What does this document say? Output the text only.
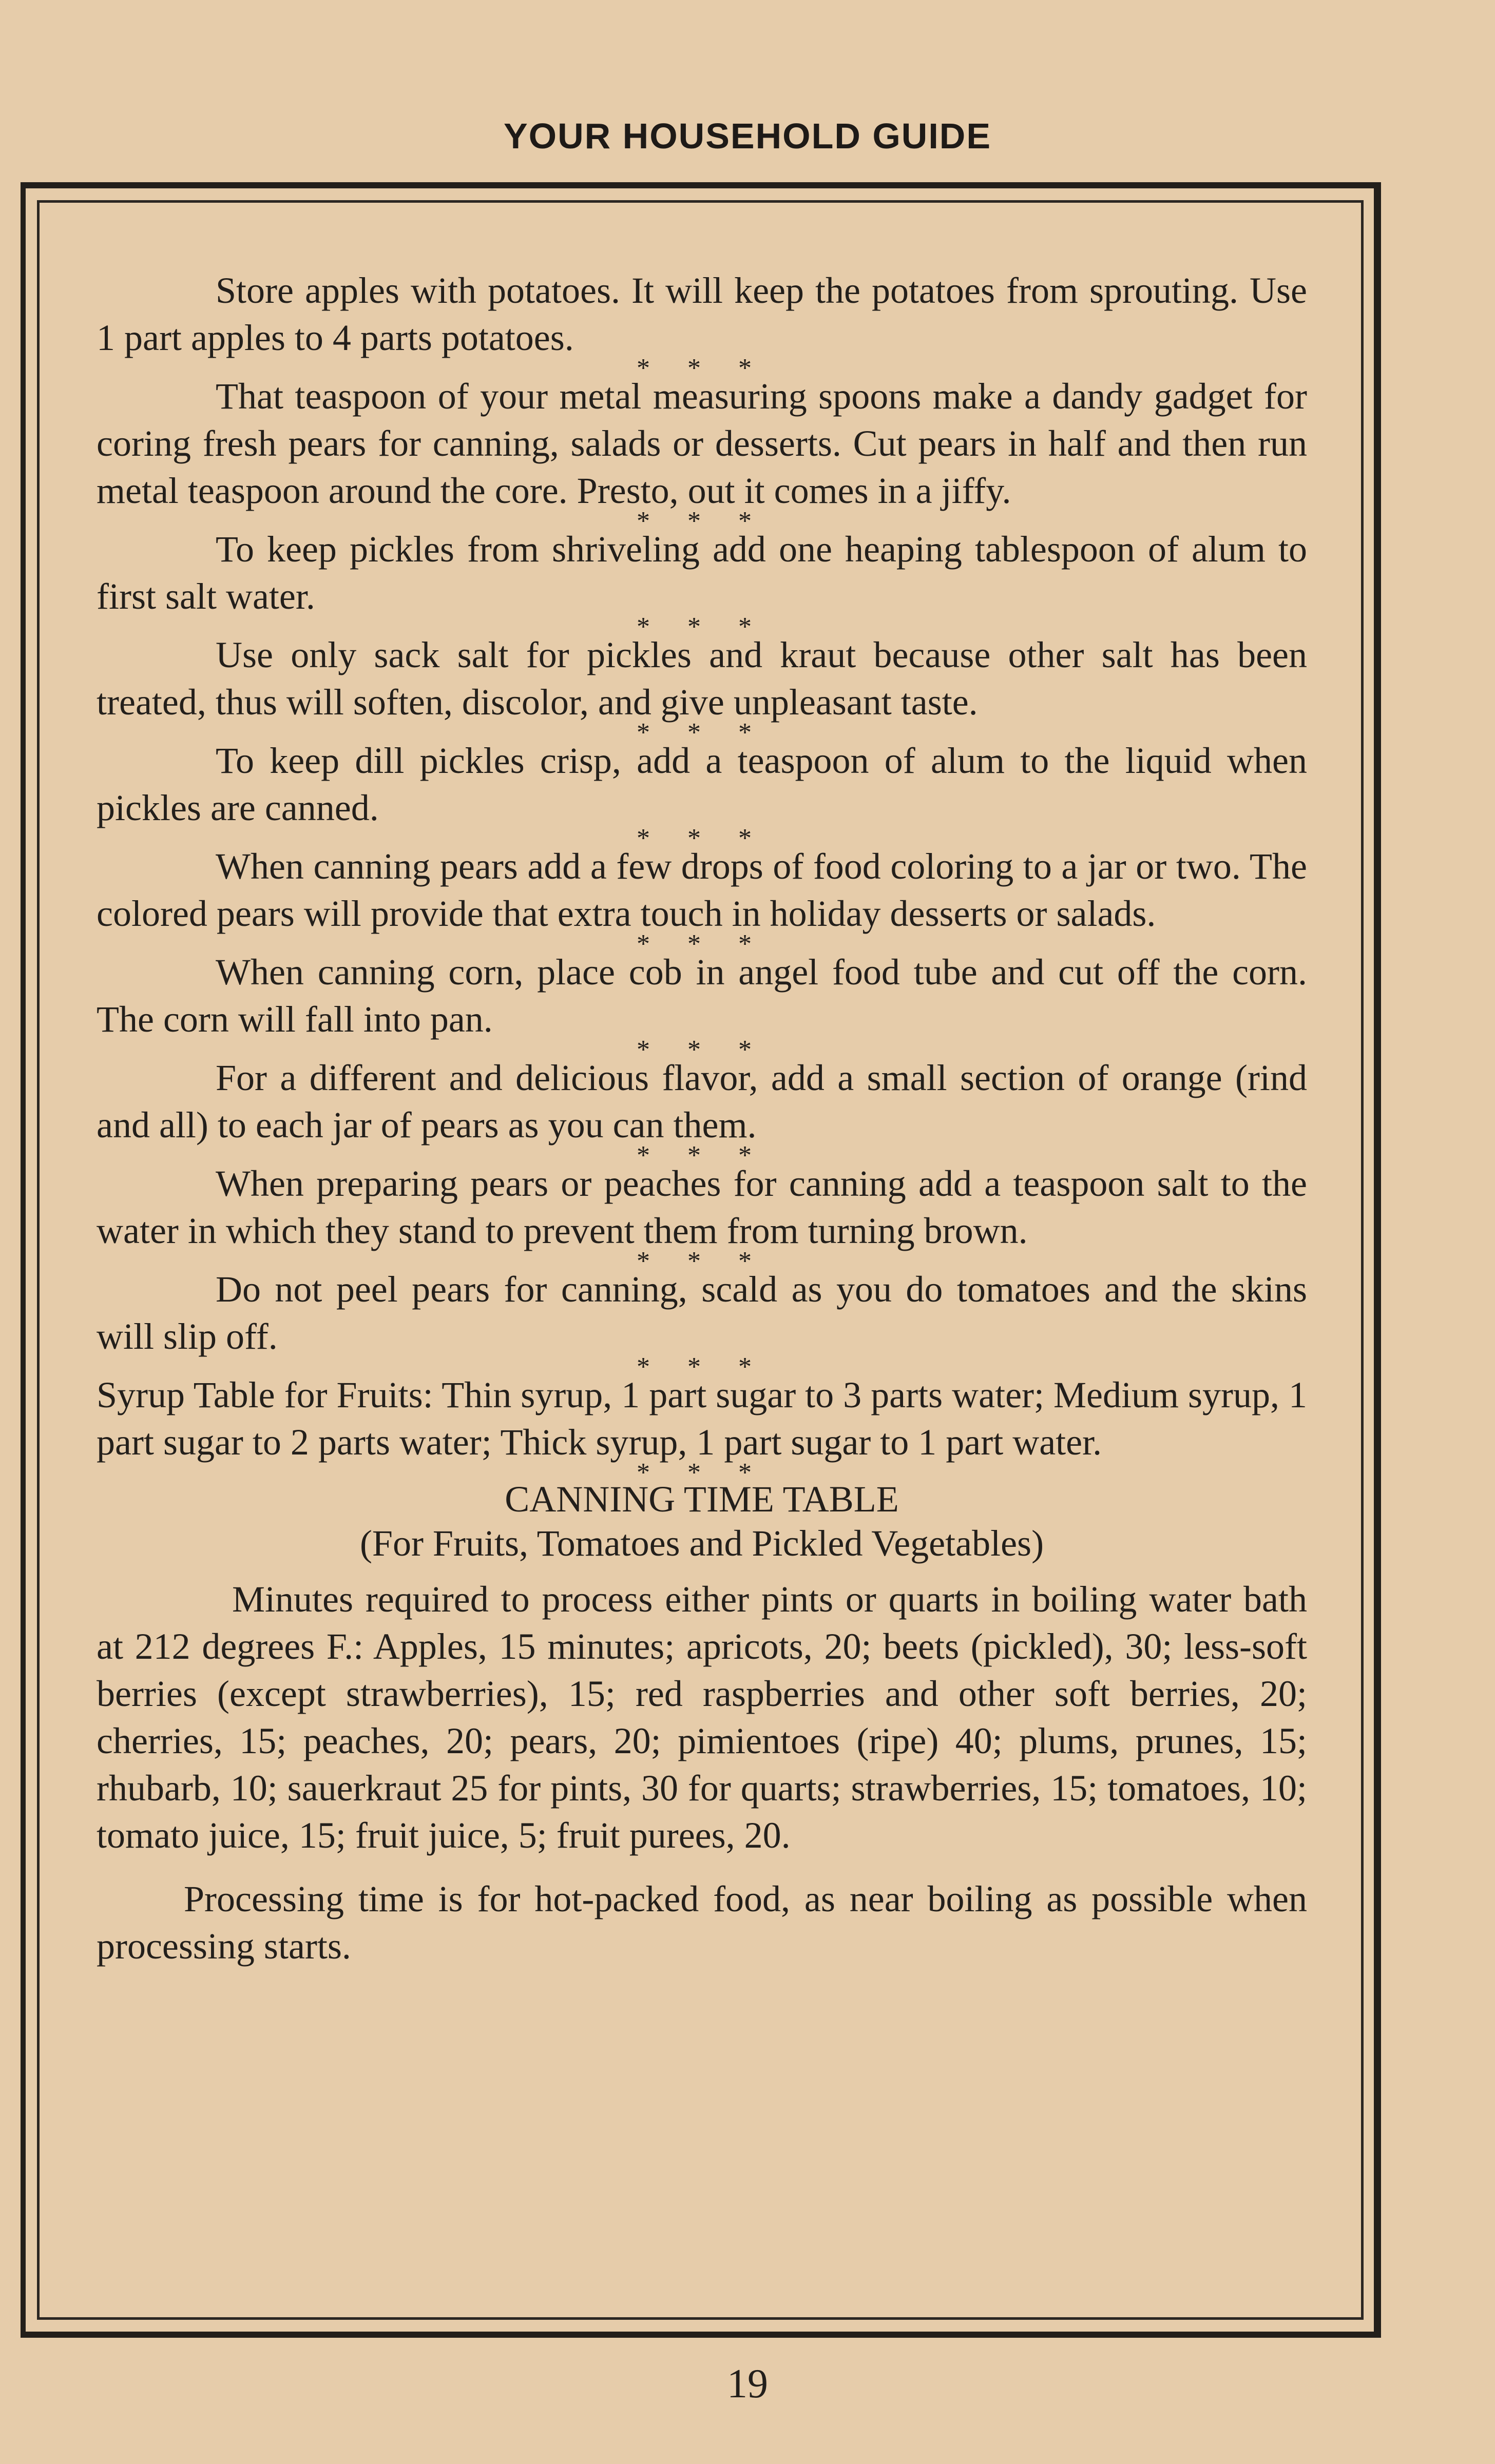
YOUR HOUSEHOLD GUIDE

Store apples with potatoes. It will keep the potatoes from sprouting. Use 1 part apples to 4 parts potatoes.

* * *

That teaspoon of your metal measuring spoons make a dandy gadget for coring fresh pears for canning, salads or desserts. Cut pears in half and then run metal teaspoon around the core. Presto, out it comes in a jiffy.

* * *

To keep pickles from shriveling add one heaping tablespoon of alum to first salt water.

* * *

Use only sack salt for pickles and kraut because other salt has been treated, thus will soften, discolor, and give unpleasant taste.

* * *

To keep dill pickles crisp, add a teaspoon of alum to the liquid when pickles are canned.

* * *

When canning pears add a few drops of food coloring to a jar or two. The colored pears will provide that extra touch in holiday desserts or salads.

* * *

When canning corn, place cob in angel food tube and cut off the corn. The corn will fall into pan.

* * *

For a different and delicious flavor, add a small section of orange (rind and all) to each jar of pears as you can them.

* * *

When preparing pears or peaches for canning add a teaspoon salt to the water in which they stand to prevent them from turning brown.

* * *

Do not peel pears for canning, scald as you do tomatoes and the skins will slip off.

* * *

Syrup Table for Fruits: Thin syrup, 1 part sugar to 3 parts water; Medium syrup, 1 part sugar to 2 parts water; Thick syrup, 1 part sugar to 1 part water.

* * *
CANNING TIME TABLE
(For Fruits, Tomatoes and Pickled Vegetables)

Minutes required to process either pints or quarts in boiling water bath at 212 degrees F.: Apples, 15 minutes; apricots, 20; beets (pickled), 30; less-soft berries (except strawberries), 15; red raspberries and other soft berries, 20; cherries, 15; peaches, 20; pears, 20; pimientoes (ripe) 40; plums, prunes, 15; rhubarb, 10; sauerkraut 25 for pints, 30 for quarts; strawberries, 15; tomatoes, 10; tomato juice, 15; fruit juice, 5; fruit purees, 20.

Processing time is for hot-packed food, as near boiling as possible when processing starts.

19
